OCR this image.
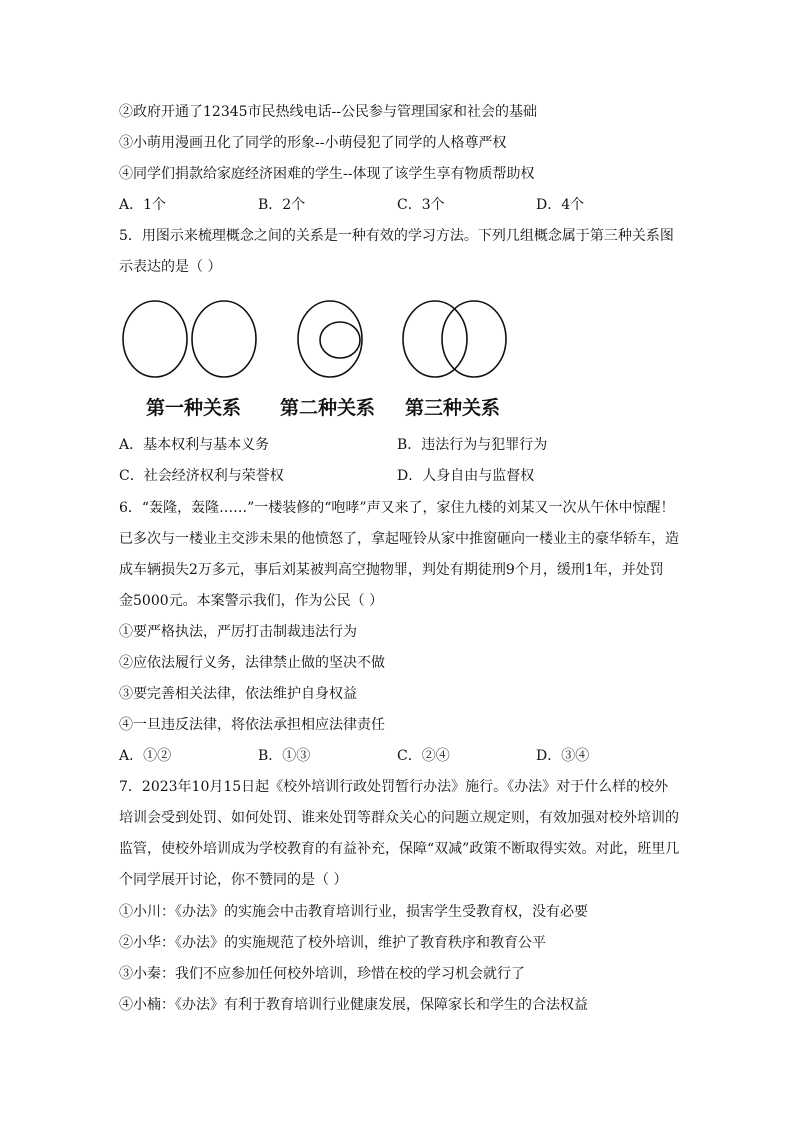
②政府开通了12345市民热线电话--公民参与管理国家和社会的基础
③小萌用漫画丑化了同学的形象--小萌侵犯了同学的人格尊严权
④同学们捐款给家庭经济困难的学生--体现了该学生享有物质帮助权
A．1个	B．2个	C．3个	D．4个
5．用图示来梳理概念之间的关系是一种有效的学习方法。下列几组概念属于第三种关系图
示表达的是（ ）
第一种关系 第二种关系 第三种关系
A．基本权利与基本义务	B．违法行为与犯罪行为
C．社会经济权利与荣誉权	D．人身自由与监督权
6．“轰隆，轰隆……”一楼装修的“咆哮”声又来了，家住九楼的刘某又一次从午休中惊醒！
已多次与一楼业主交涉未果的他愤怒了，拿起哑铃从家中推窗砸向一楼业主的豪华轿车，造
成车辆损失2万多元，事后刘某被判高空抛物罪，判处有期徒刑9个月，缓刑1年，并处罚
金5000元。本案警示我们，作为公民（ ）
①要严格执法，严厉打击制裁违法行为
②应依法履行义务，法律禁止做的坚决不做
③要完善相关法律，依法维护自身权益
④一旦违反法律，将依法承担相应法律责任
A．①②	B．①③	C．②④	D．③④
7．2023年10月15日起《校外培训行政处罚暂行办法》施行。《办法》对于什么样的校外
培训会受到处罚、如何处罚、谁来处罚等群众关心的问题立规定则，有效加强对校外培训的
监管，使校外培训成为学校教育的有益补充，保障“双减”政策不断取得实效。对此，班里几
个同学展开讨论，你不赞同的是（ ）
①小川：《办法》的实施会中击教育培训行业，损害学生受教育权，没有必要
②小华：《办法》的实施规范了校外培训，维护了教育秩序和教育公平
③小秦：我们不应参加任何校外培训，珍惜在校的学习机会就行了
④小楠：《办法》有利于教育培训行业健康发展，保障家长和学生的合法权益
